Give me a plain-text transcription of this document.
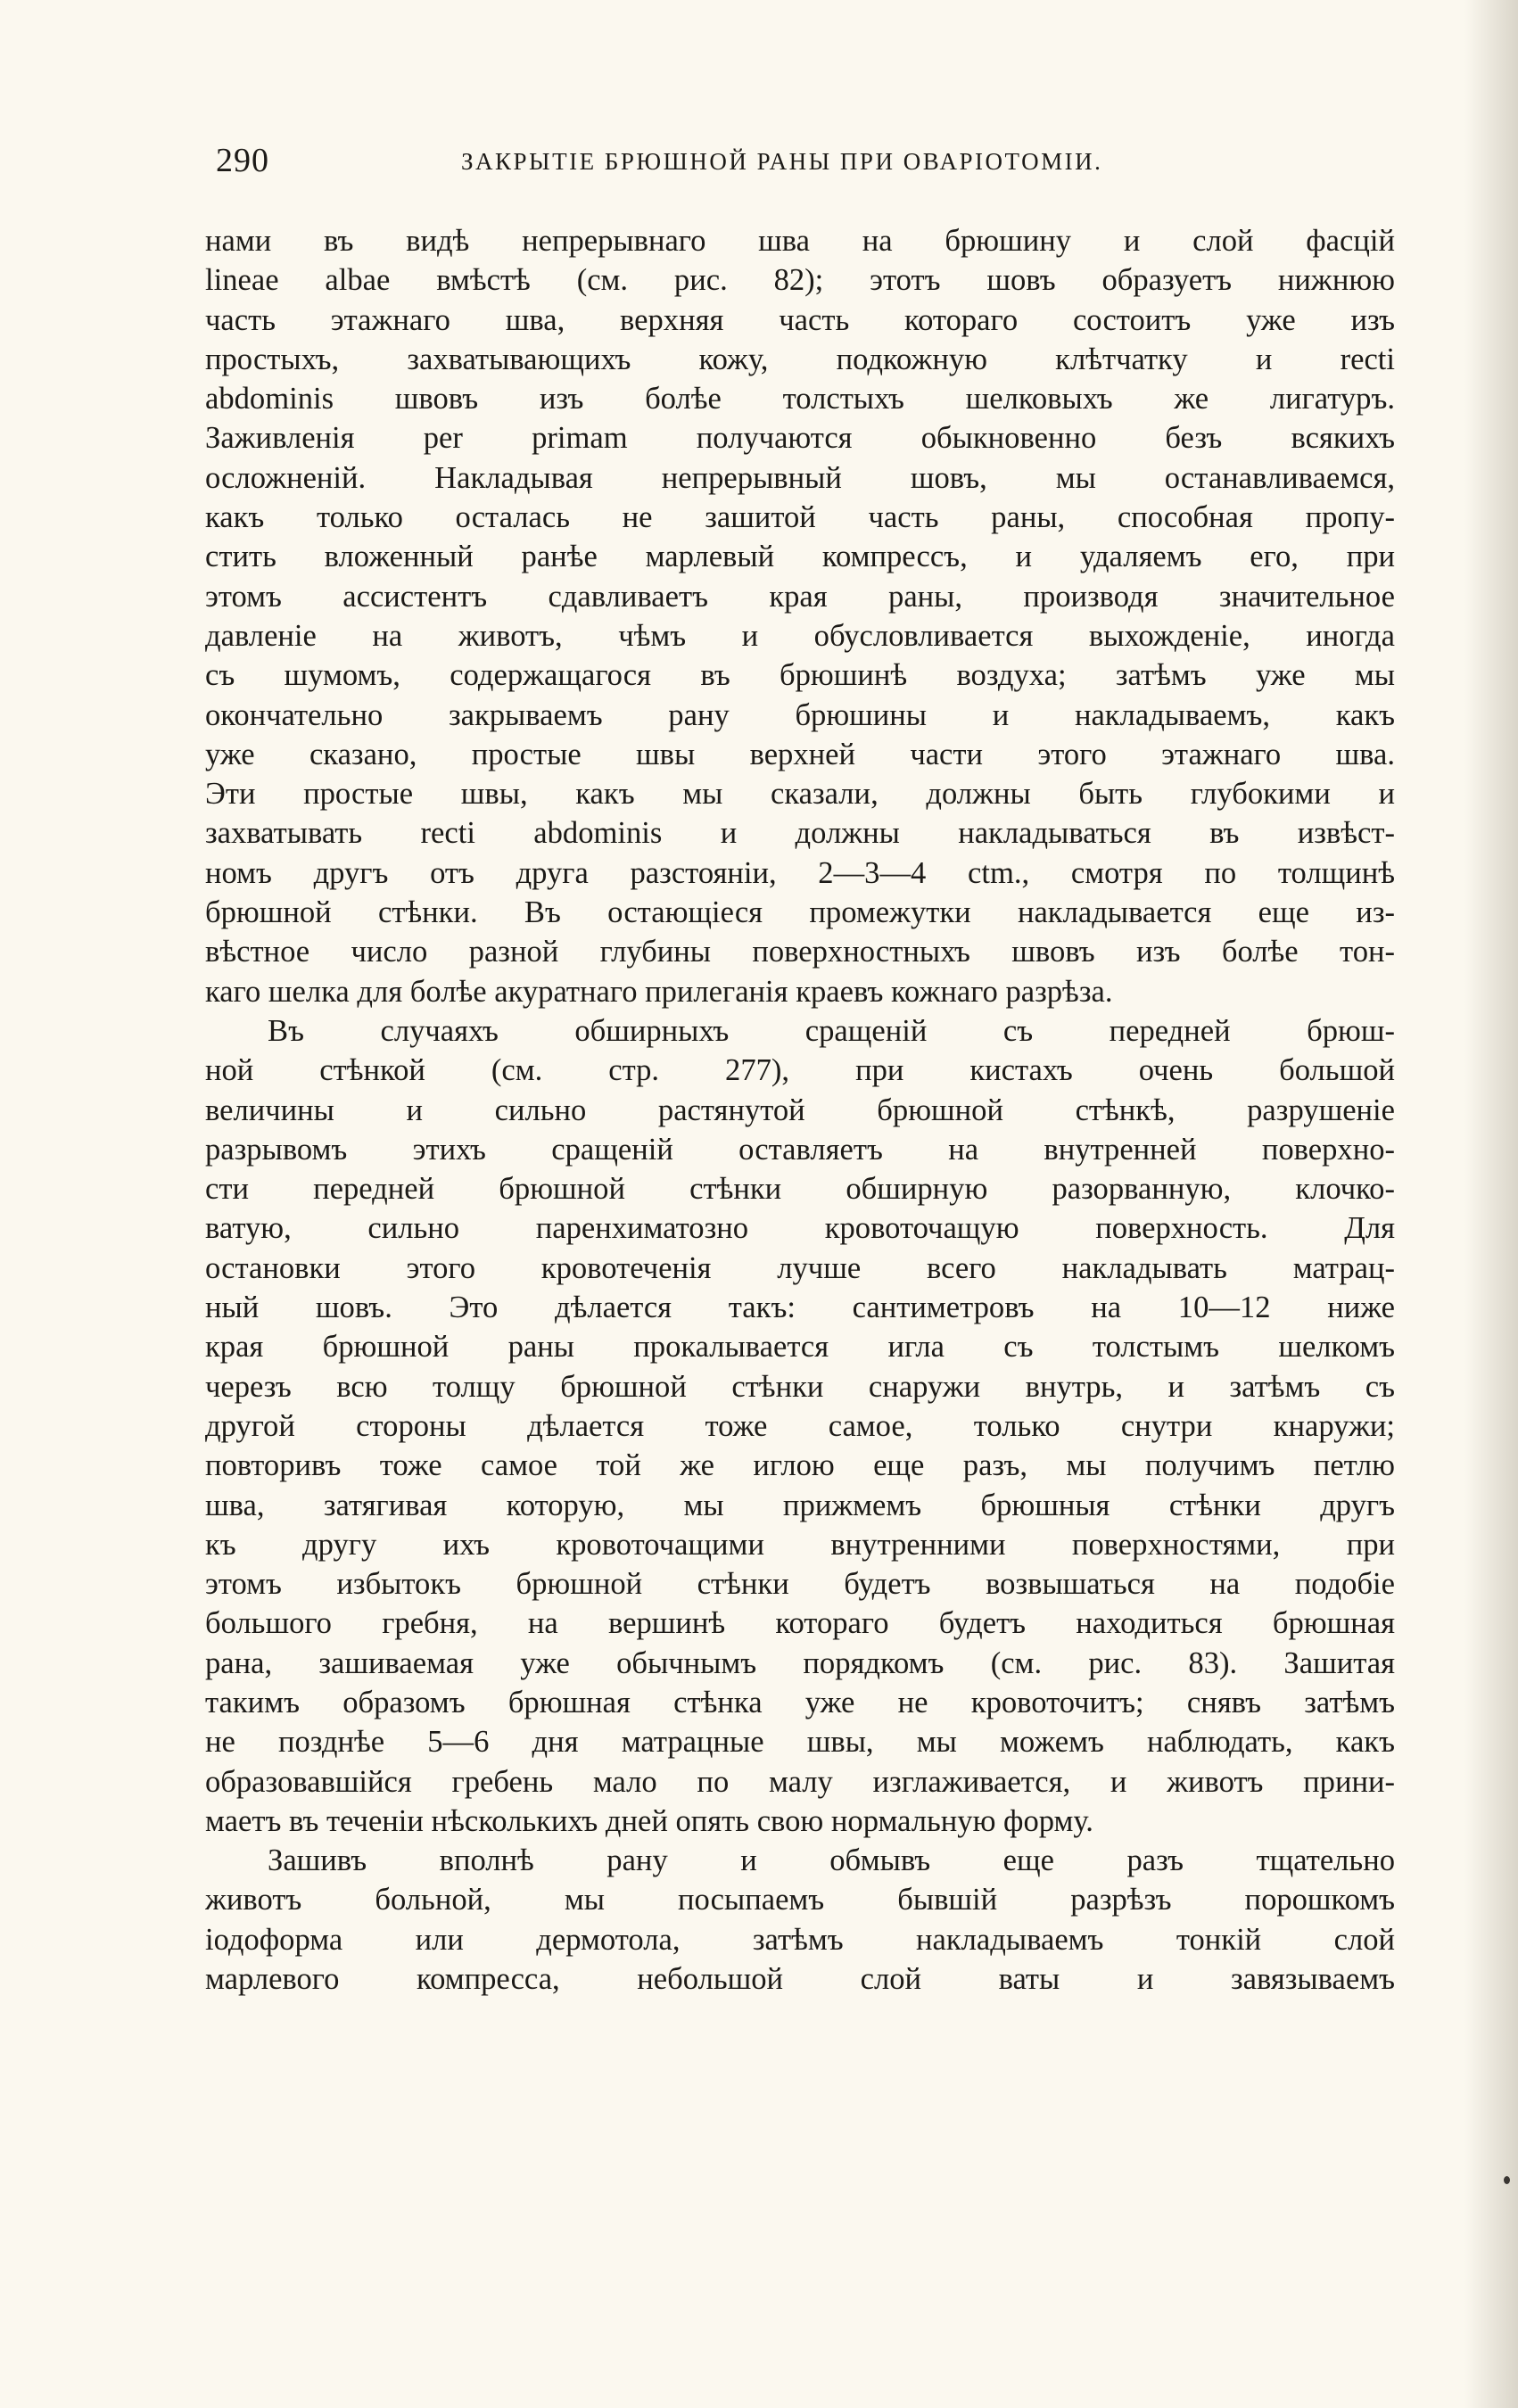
290	ЗАКРЫТІЕ БРЮШНОЙ РАНЫ ПРИ ОВАРІОТОМІИ.
нами въ видѣ непрерывнаго шва на брюшину и слой фасцій
lineae albae вмѣстѣ (см. рис. 82); этотъ шовъ образуетъ нижнюю
часть этажнаго шва, верхняя часть котораго состоитъ уже изъ
простыхъ, захватывающихъ кожу, подкожную клѣтчатку и recti
abdominis швовъ изъ болѣе толстыхъ шелковыхъ же лигатуръ.
Заживленія per primam получаются обыкновенно безъ всякихъ
осложненій. Накладывая непрерывный шовъ, мы останавливаемся,
какъ только осталась не зашитой часть раны, способная пропу-
стить вложенный ранѣе марлевый компрессъ, и удаляемъ его, при
этомъ ассистентъ сдавливаетъ края раны, производя значительное
давленіе на животъ, чѣмъ и обусловливается выхожденіе, иногда
съ шумомъ, содержащагося въ брюшинѣ воздуха; затѣмъ уже мы
окончательно закрываемъ рану брюшины и накладываемъ, какъ
уже сказано, простые швы верхней части этого этажнаго шва.
Эти простые швы, какъ мы сказали, должны быть глубокими и
захватывать recti abdominis и должны накладываться въ извѣст-
номъ другъ отъ друга разстояніи, 2—3—4 ctm., смотря по толщинѣ
брюшной стѣнки. Въ остающіеся промежутки накладывается еще из-
вѣстное число разной глубины поверхностныхъ швовъ изъ болѣе тон-
каго шелка для болѣе акуратнаго прилеганія краевъ кожнаго разрѣза.
Въ случаяхъ обширныхъ сращеній съ передней брюш-
ной стѣнкой (см. стр. 277), при кистахъ очень большой
величины и сильно растянутой брюшной стѣнкѣ, разрушеніе
разрывомъ этихъ сращеній оставляетъ на внутренней поверхно-
сти передней брюшной стѣнки обширную разорванную, клочко-
ватую, сильно паренхиматозно кровоточащую поверхность. Для
остановки этого кровотеченія лучше всего накладывать матрац-
ный шовъ. Это дѣлается такъ: сантиметровъ на 10—12 ниже
края брюшной раны прокалывается игла съ толстымъ шелкомъ
черезъ всю толщу брюшной стѣнки снаружи внутрь, и затѣмъ съ
другой стороны дѣлается тоже самое, только снутри кнаружи;
повторивъ тоже самое той же иглою еще разъ, мы получимъ петлю
шва, затягивая которую, мы прижмемъ брюшныя стѣнки другъ
къ другу ихъ кровоточащими внутренними поверхностями, при
этомъ избытокъ брюшной стѣнки будетъ возвышаться на подобіе
большого гребня, на вершинѣ котораго будетъ находиться брюшная
рана, зашиваемая уже обычнымъ порядкомъ (см. рис. 83). Зашитая
такимъ образомъ брюшная стѣнка уже не кровоточитъ; снявъ затѣмъ
не позднѣе 5—6 дня матрацные швы, мы можемъ наблюдать, какъ
образовавшійся гребень мало по малу изглаживается, и животъ прини-
маетъ въ теченіи нѣсколькихъ дней опять свою нормальную форму.
Зашивъ вполнѣ рану и обмывъ еще разъ тщательно
животъ больной, мы посыпаемъ бывшій разрѣзъ порошкомъ
іодоформа или дермотола, затѣмъ накладываемъ тонкій слой
марлевого компресса, небольшой слой ваты и завязываемъ
